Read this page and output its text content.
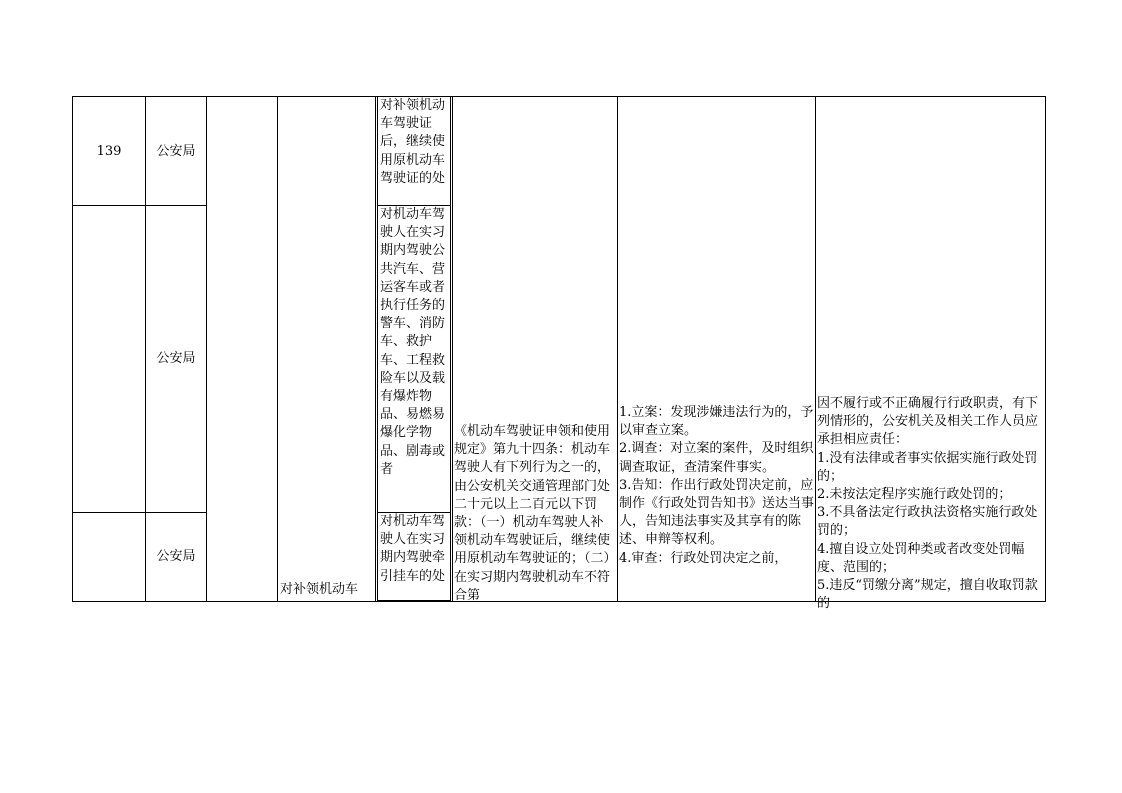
139	公安局
公安局
公安局
对补领机动车
对补领机动车驾驶证后，继续使用原机动车驾驶证的处
对机动车驾驶人在实习期内驾驶公共汽车、营运客车或者执行任务的警车、消防车、救护车、工程救险车以及载有爆炸物品、易燃易爆化学物品、剧毒或者
对机动车驾驶人在实习期内驾驶牵引挂车的处
《机动车驾驶证申领和使用规定》第九十四条：机动车驾驶人有下列行为之一的，由公安机关交通管理部门处二十元以上二百元以下罚款：（一）机动车驾驶人补领机动车驾驶证后，继续使用原机动车驾驶证的；（二）在实习期内驾驶机动车不符合第
1.立案：发现涉嫌违法行为的，予以审查立案。
2.调查：对立案的案件，及时组织调查取证，查清案件事实。
3.告知：作出行政处罚决定前，应制作《行政处罚告知书》送达当事人，告知违法事实及其享有的陈述、申辩等权利。
4.审查：行政处罚决定之前，
因不履行或不正确履行行政职责，有下列情形的，公安机关及相关工作人员应承担相应责任：
1.没有法律或者事实依据实施行政处罚的；
2.未按法定程序实施行政处罚的；
3.不具备法定行政执法资格实施行政处罚的；
4.擅自设立处罚种类或者改变处罚幅度、范围的；
5.违反“罚缴分离”规定，擅自收取罚款的
